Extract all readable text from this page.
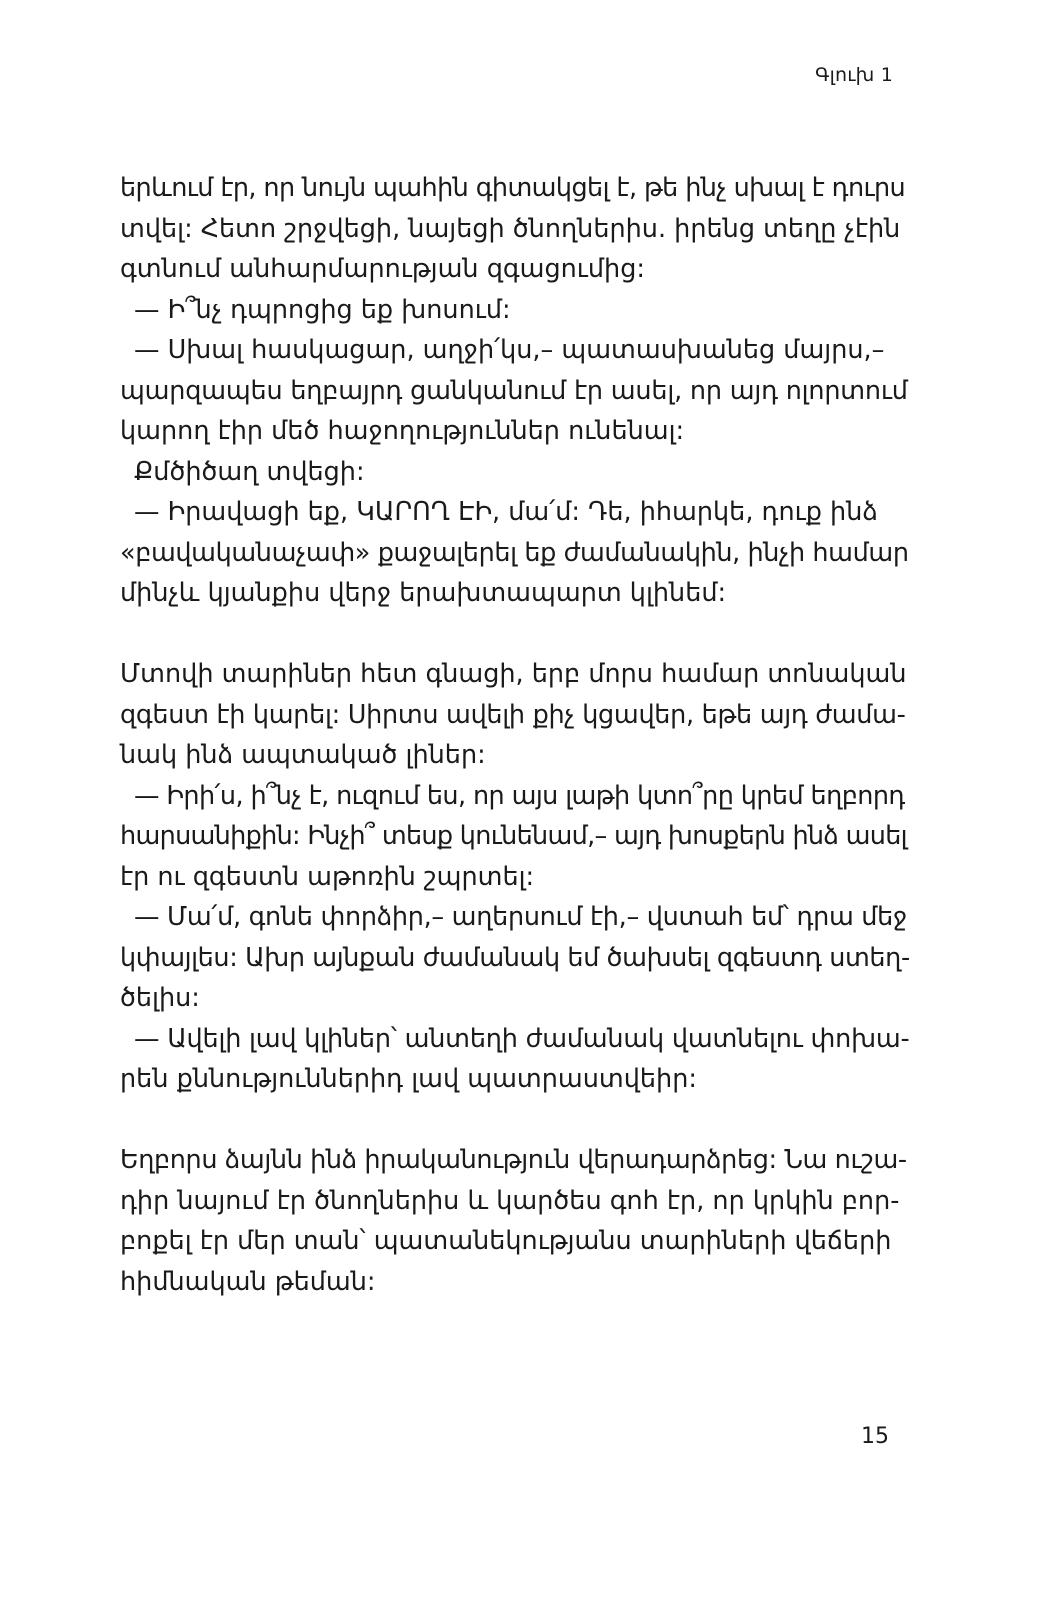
Գլուխ 1

երևում էր, որ նույն պահին գիտակցել է, թե ինչ սխալ է դուրս

տվել: Հետո շրջվեցի, նայեցի ծնողներիս. իրենց տեղը չէին

գտնում անհարմարության զգացումից:

— Ի՞նչ դպրոցից եք խոսում:

— Սխալ հասկացար, աղջի՛կս,– պատասխանեց մայրս,–

պարզապես եղբայրդ ցանկանում էր ասել, որ այդ ոլորտում

կարող էիր մեծ հաջողություններ ունենալ:

Քմծիծաղ տվեցի:

— Իրավացի եք, ԿԱՐՈՂ ԷԻ, մա՛մ: Դե, իհարկե, դուք ինձ

«բավականաչափ» քաջալերել եք ժամանակին, ինչի համար

մինչև կյանքիս վերջ երախտապարտ կլինեմ:

Մտովի տարիներ հետ գնացի, երբ մորս համար տոնական

զգեստ էի կարել: Սիրտս ավելի քիչ կցավեր, եթե այդ ժամա-

նակ ինձ ապտակած լիներ:

— Իրի՛ս, ի՞նչ է, ուզում ես, որ այս լաթի կտո՞րը կրեմ եղբորդ

հարսանիքին: Ինչի՞ տեսք կունենամ,– այդ խոսքերն ինձ ասել

էր ու զգեստն աթոռին շպրտել:

— Մա՛մ, գոնե փորձիր,– աղերսում էի,– վստահ եմ՝ դրա մեջ

կփայլես: Ախր այնքան ժամանակ եմ ծախսել զգեստդ ստեղ-

ծելիս:

— Ավելի լավ կլիներ՝ անտեղի ժամանակ վատնելու փոխա-

րեն քննություններիդ լավ պատրաստվեիր:

Եղբորս ձայնն ինձ իրականություն վերադարձրեց: Նա ուշա-

դիր նայում էր ծնողներիս և կարծես գոհ էր, որ կրկին բոր-

բոքել էր մեր տան՝ պատանեկությանս տարիների վեճերի

հիմնական թեման:

15
